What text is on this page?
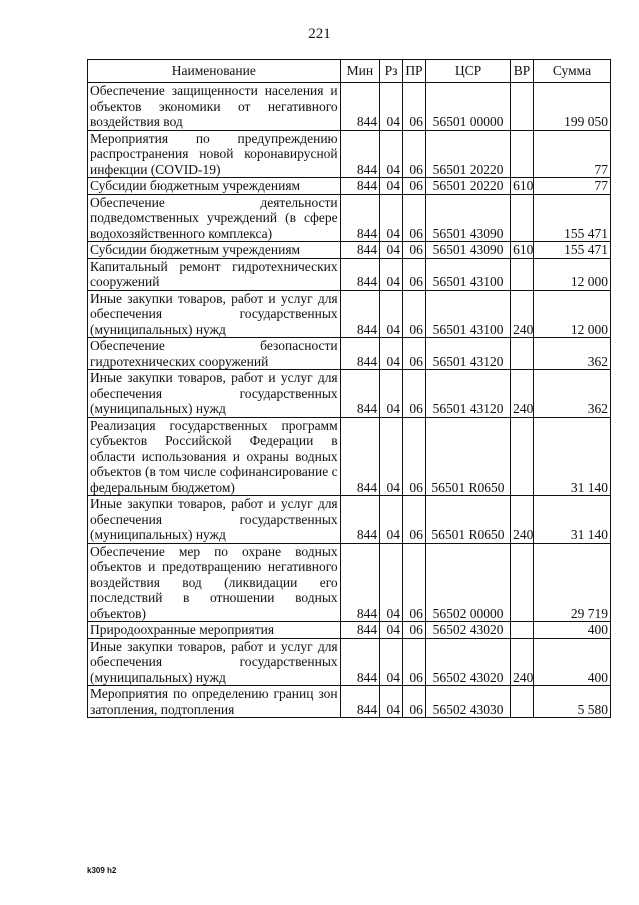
221
Наименование	Мин	Рз	ПР	ЦСР	ВР	Сумма
Обеспечение защищенности населения и объектов экономики от негативного воздействия вод	844	04	06	56501 00000		199 050
Мероприятия по предупреждению распространения новой коронавирусной инфекции (COVID-19)	844	04	06	56501 20220		77
Субсидии бюджетным учреждениям	844	04	06	56501 20220	610	77
Обеспечение деятельности подведомственных учреждений (в сфере водохозяйственного комплекса)	844	04	06	56501 43090		155 471
Субсидии бюджетным учреждениям	844	04	06	56501 43090	610	155 471
Капитальный ремонт гидротехнических сооружений	844	04	06	56501 43100		12 000
Иные закупки товаров, работ и услуг для обеспечения государственных (муниципальных) нужд	844	04	06	56501 43100	240	12 000
Обеспечение безопасности гидротехнических сооружений	844	04	06	56501 43120		362
Иные закупки товаров, работ и услуг для обеспечения государственных (муниципальных) нужд	844	04	06	56501 43120	240	362
Реализация государственных программ субъектов Российской Федерации в области использования и охраны водных объектов (в том числе софинансирование с федеральным бюджетом)	844	04	06	56501 R0650		31 140
Иные закупки товаров, работ и услуг для обеспечения государственных (муниципальных) нужд	844	04	06	56501 R0650	240	31 140
Обеспечение мер по охране водных объектов и предотвращению негативного воздействия вод (ликвидации его последствий в отношении водных объектов)	844	04	06	56502 00000		29 719
Природоохранные мероприятия	844	04	06	56502 43020		400
Иные закупки товаров, работ и услуг для обеспечения государственных (муниципальных) нужд	844	04	06	56502 43020	240	400
Мероприятия по определению границ зон затопления, подтопления	844	04	06	56502 43030		5 580
k309 h2
